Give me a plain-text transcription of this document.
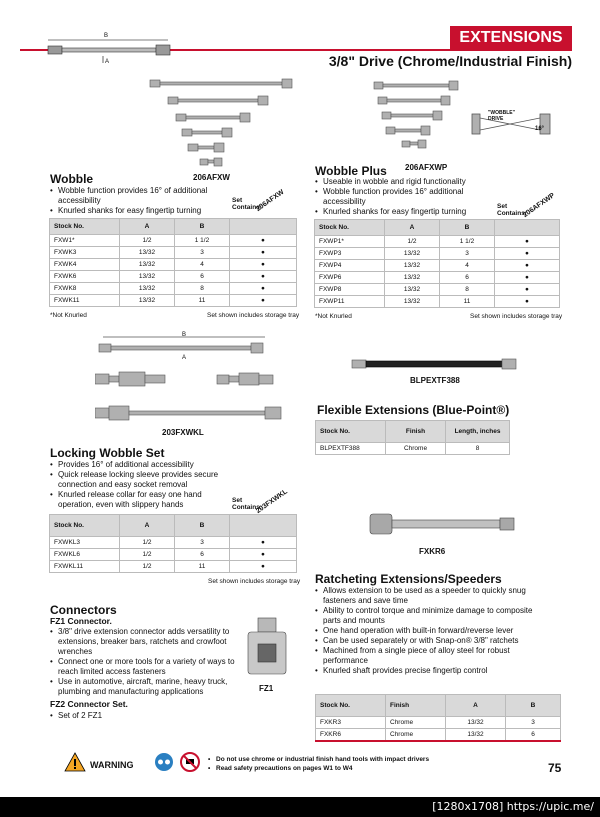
EXTENSIONS
3/8" Drive (Chrome/Industrial Finish)
B
A
206AFXW
"WOBBLE" DRIVE
16°
206AFXWP
Wobble
• Wobble function provides 16° of additional accessibility
• Knurled shanks for easy fingertip turning
Set Contains:
206AFXW
Stock No.	A	B	
FXW1*	1/2	1 1/2	●
FXWK3	13/32	3	●
FXWK4	13/32	4	●
FXWK6	13/32	6	●
FXWK8	13/32	8	●
FXWK11	13/32	11	●
*Not Knurled	Set shown includes storage tray
Wobble Plus
• Useable in wobble and rigid functionality
• Wobble function provides 16° additional accessibility
• Knurled shanks for easy fingertip turning
Set Contains:
206AFXWP
Stock No.	A	B	
FXWP1*	1/2	1 1/2	●
FXWP3	13/32	3	●
FXWP4	13/32	4	●
FXWP6	13/32	6	●
FXWP8	13/32	8	●
FXWP11	13/32	11	●
*Not Knurled	Set shown includes storage tray
B
A
203FXWKL
Locking Wobble Set
• Provides 16° of additional accessibility
• Quick release locking sleeve provides secure connection and easy socket removal
• Knurled release collar for easy one hand operation, even with slippery hands	Set Contains:
203FXWKL
Stock No.	A	B	
FXWKL3	1/2	3	●
FXWKL6	1/2	6	●
FXWKL11	1/2	11	●
Set shown includes storage tray
BLPEXTF388
Flexible Extensions (Blue-Point®)
Stock No.	Finish	Length, inches
BLPEXTF388	Chrome	8
FXKR6
Ratcheting Extensions/Speeders
• Allows extension to be used as a speeder to quickly snug fasteners and save time
• Ability to control torque and minimize damage to composite parts and mounts
• One hand operation with built-in forward/reverse lever
• Can be used separately or with Snap-on® 3/8" ratchets
• Machined from a single piece of alloy steel for robust performance
• Knurled shaft provides precise fingertip control
Stock No.	Finish	A	B
FXKR3	Chrome	13/32	3
FXKR6	Chrome	13/32	6
Connectors
FZ1 Connector.
• 3/8" drive extension connector adds versatility to extensions, breaker bars, ratchets and crowfoot wrenches
• Connect one or more tools for a variety of ways to reach limited access fasteners
• Use in automotive, aircraft, marine, heavy truck, plumbing and manufacturing applications
FZ2 Connector Set.
• Set of 2 FZ1
FZ1
WARNING
• Do not use chrome or industrial finish hand tools with impact drivers
• Read safety precautions on pages W1 to W4	75
[1280x1708] https://upic.me/
